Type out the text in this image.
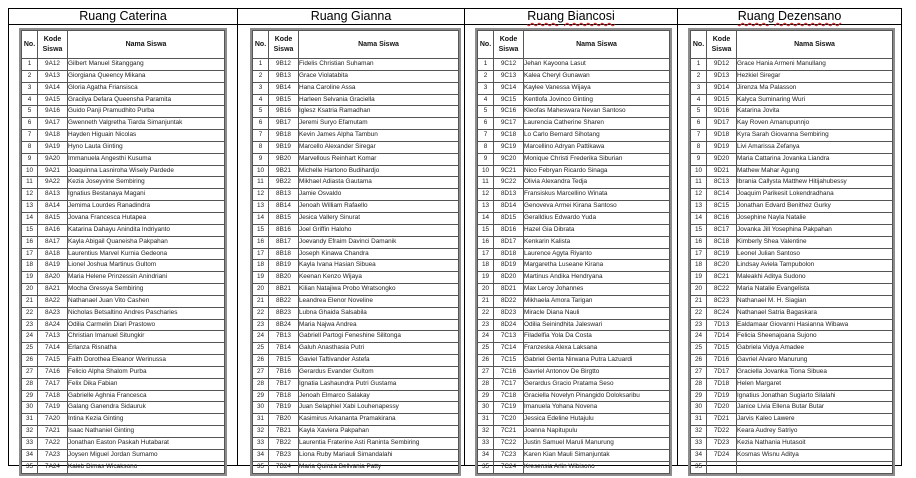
Ruang Caterina
No.	Kode
Siswa	Nama Siswa
1	9A12	Gilbert Manuel Sitanggang
2	9A13	Giorgiana Queency Mikana
3	9A14	Gloria Agatha Friansisca
4	9A15	Gracilya Defara Queensha Paramita
5	9A16	Guido Panji Pramudhito Purba
6	9A17	Gwenneth Valgretha Tiarda Simanjuntak
7	9A18	Hayden Higuain Nicolas
8	9A19	Hyno Lauta Ginting
9	9A20	Immanuela Angesthi Kusuma
10	9A21	Joaquinna Lasniroha Wisely Pardede
11	9A22	Kezia Joseyvine Sembiring
12	8A13	Ignatius Bestanaya Magani
13	8A14	Jemima Lourdes Ranadindra
14	8A15	Jovana Francesca Hutapea
15	8A16	Katarina Dahayu Anindita Indriyanto
16	8A17	Kayla Abigail Quaneisha Pakpahan
17	8A18	Laurentius Marvel Kurnia Gedeona
18	8A19	Lionel Joshua Martinus Gultom
19	8A20	Maria Helene Prinzessin Anindriani
20	8A21	Mocha Gressya Sembiring
21	8A22	Nathanael Juan Vito Cashen
22	8A23	Nicholas Betsaltino Andres Pascharies
23	8A24	Odilia Carmelin Diari Prastowo
24	7A13	Christian Imanuel Situngkir
25	7A14	Erlanza Risnatha
26	7A15	Faith Dorothea Eleanor Werinussa
27	7A16	Felicio Alpha Shalom Purba
28	7A17	Felix Dika Fabian
29	7A18	Gabrielle Aghnia Francesca
30	7A19	Galang Ganendra Sidauruk
31	7A20	Intina Kezia Ginting
32	7A21	Isaac Nathaniel Ginting
33	7A22	Jonathan Easton Paskah Hutabarat
34	7A23	Joysen Miguel Jordan Sumamo
35	7A24	Kaleb Dimas Wicaksono
Ruang Gianna
No.	Kode
Siswa	Nama Siswa
1	9B12	Fidelis Christian Suhaman
2	9B13	Grace Violatabita
3	9B14	Hana Caroline Assa
4	9B15	Harleen Selvania Graciella
5	9B16	Iglesz Ksatria Ramadhan
6	9B17	Jeremi Suryo Efamutam
7	9B18	Kevin James Alpha Tambun
8	9B19	Marcello Alexander Siregar
9	9B20	Marvellous Reinhart Komar
10	9B21	Michelle Hartono Budihardjo
11	9B22	Mikhael Adiasta Gautama
12	8B13	Jamie Osvaldo
13	8B14	Jenoah William Rafaello
14	8B15	Jesica Vallery Sinurat
15	8B16	Joel Griffin Haloho
16	8B17	Joevandy Efraim Davinci Damanik
17	8B18	Joseph Kinawa Chandra
18	8B19	Kayla Ivana Hasian Sibuea
19	8B20	Keenan Kenzo Wijaya
20	8B21	Kilian Natajiwa Probo Wratsongko
21	8B22	Leandrea Elenor Noveline
22	8B23	Lubna Ghaida Salsabila
23	8B24	Maria Najwa Andrea
24	7B13	Gabriell Partogi Feneshine Silitonga
25	7B14	Galuh Anasthasia Putri
26	7B15	Gaviel Taftivander Astefa
27	7B16	Gerardus Evander Gultom
28	7B17	Ignatia Lashaundra Putri Gustama
29	7B18	Jenoah Elmarco Salakay
30	7B19	Juan Selaphiel Xabi Louhenapessy
31	7B20	Kasimirus Arkananta Pramakirana
32	7B21	Kayla Xaviera Pakpahan
33	7B22	Laurentia Fraterine Asti Raninta Sembiring
34	7B23	Liona Ruby Mariauli Simandalahi
35	7B24	Maria Quinza Bellvania Patty
Ruang Biancosi
No.	Kode
Siswa	Nama Siswa
1	9C12	Jehan Kayoona Lasut
2	9C13	Kalea Cheryl Gunawan
3	9C14	Kaylee Vanessa Wijaya
4	9C15	Kentlofa Jovinco Ginting
5	9C16	Kleofas Maheswara Nevan Santoso
6	9C17	Laurencia Catherine Sharen
7	9C18	Lo Carlo Bernard Sihotang
8	9C19	Marcellino Adryan Pattikawa
9	9C20	Monique Christi Frederika Siburian
10	9C21	Nico Febryan Ricardo Sinaga
11	9C22	Olivia Alexandra Tedja
12	8D13	Fransiskus Marcellino Winata
13	8D14	Genoveva Armei Kirana Santoso
14	8D15	Geralldius Edwardo Yuda
15	8D16	Hazel Gia Dibrata
16	8D17	Kenkarin Kalista
17	8D18	Laurence Agyta Riyanto
18	8D19	Margaretha Luseane Kirana
19	8D20	Martinus Andika Hendryana
20	8D21	Max Leroy Johannes
21	8D22	Mikhaela Amora Tarigan
22	8D23	Miracle Diana Nauli
23	8D24	Odilia Seinindhita Jaleswari
24	7C13	Filadelfia Yola Da Costa
25	7C14	Franzeska Alexa Laksana
26	7C15	Gabriel Genta Nirwana Putra Lazuardi
27	7C16	Gavriel Antonov De Birgtto
28	7C17	Gerardus Gracio Pratama Seso
29	7C18	Graciella Novelyn Pinangido Doloksaribu
30	7C19	Imanuela Yohana Novena
31	7C20	Jessica Edeline Hutajulu
32	7C21	Joanna Napitupulu
33	7C22	Justin Samuel Maruli Manurung
34	7C23	Karen Kian Mauli Simanjuntak
35	7C24	Kresensia Arlin Wibisono
Ruang Dezensano
No.	Kode
Siswa	Nama Siswa
1	9D12	Grace Hania Armeni Manullang
2	9D13	Hezkiel Siregar
3	9D14	Jirenza Ma Palasson
4	9D15	Kalyca Suminaring Wuri
5	9D16	Katarina Jovita
6	9D17	Kay Roven Amanupunnjo
7	9D18	Kyra Sarah Giovanna Sembiring
8	9D19	Livi Amarissa Zefanya
9	9D20	Maria Cattarina Jovanka Liandra
10	9D21	Mathew Mahar Agung
11	8C13	Ibrania Callysta Matthew Hitijahubessy
12	8C14	Joaquim Parikesit Lokendradhana
13	8C15	Jonathan Edvard Benithez Gurky
14	8C16	Josephine Nayla Natalie
15	8C17	Jovanka Jill Yosephina Pakpahan
16	8C18	Kimberly Shea Valentine
17	8C19	Leonel Julian Santoso
18	8C20	Lindsay Aviela Tampubolon
19	8C21	Maleakhi Aditya Sudono
20	8C22	Maria Natalie Evangelista
21	8C23	Nathanael M. H. Siagian
22	8C24	Nathanael Satria Bagaskara
23	7D13	Ealdamaar Giovanni Hasianna Wibawa
24	7D14	Felicia Sheenajoana Sujono
25	7D15	Gabriela Vidya Amadee
26	7D16	Gavriel Alvaro Manurung
27	7D17	Graciella Jovanka Tiona Sibuea
28	7D18	Helen Margaret
29	7D19	Ignatius Jonathan Sugiarto Silalahi
30	7D20	Janice Livia Ellena Butar Butar
31	7D21	Jarvis Kaleo Lawere
32	7D22	Keara Audrey Satriyo
33	7D23	Kezia Nathania Hutasoit
34	7D24	Kosmas Wisnu Aditya
35		
